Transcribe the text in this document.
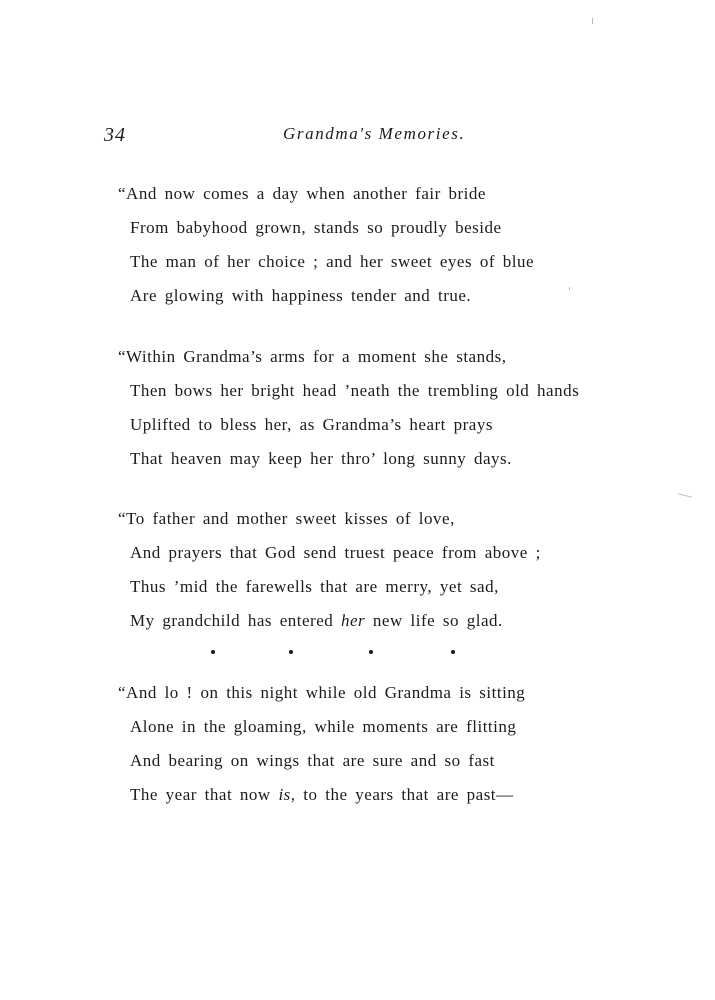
34	Grandma's Memories.
“And now comes a day when another fair bride
From babyhood grown, stands so proudly beside
The man of her choice ; and her sweet eyes of blue
Are glowing with happiness tender and true.
“Within Grandma’s arms for a moment she stands,
Then bows her bright head ’neath the trembling old hands
Uplifted to bless her, as Grandma’s heart prays
That heaven may keep her thro’ long sunny days.
“To father and mother sweet kisses of love,
And prayers that God send truest peace from above ;
Thus ’mid the farewells that are merry, yet sad,
My grandchild has entered her new life so glad.
“And lo ! on this night while old Grandma is sitting
Alone in the gloaming, while moments are flitting
And bearing on wings that are sure and so fast
The year that now is, to the years that are past—
